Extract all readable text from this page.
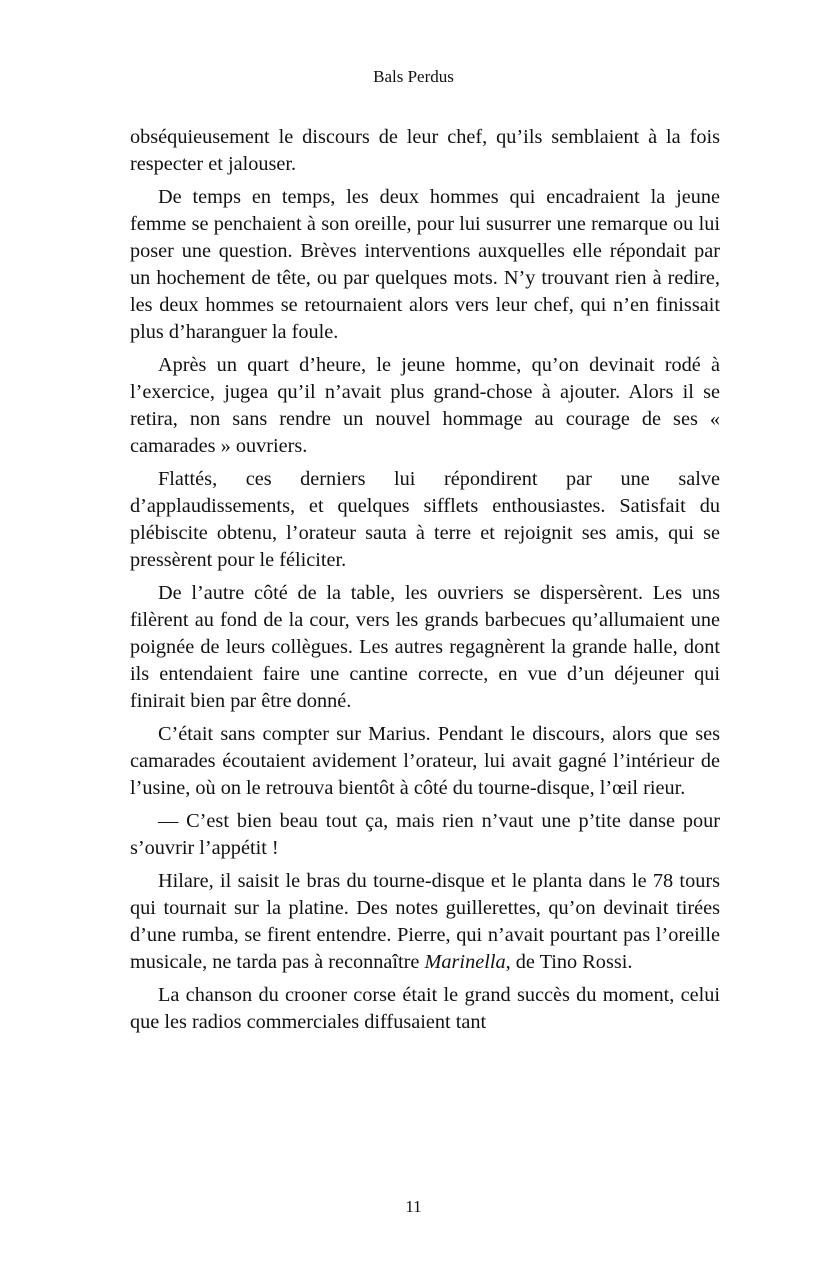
Bals Perdus

obséquieusement le discours de leur chef, qu’ils semblaient à la fois respecter et jalouser.

De temps en temps, les deux hommes qui encadraient la jeune femme se penchaient à son oreille, pour lui susurrer une remarque ou lui poser une question. Brèves interventions auxquelles elle répondait par un hochement de tête, ou par quelques mots. N’y trouvant rien à redire, les deux hommes se retournaient alors vers leur chef, qui n’en finissait plus d’haranguer la foule.

Après un quart d’heure, le jeune homme, qu’on devinait rodé à l’exercice, jugea qu’il n’avait plus grand-chose à ajouter. Alors il se retira, non sans rendre un nouvel hommage au courage de ses « camarades » ouvriers.

Flattés, ces derniers lui répondirent par une salve d’applaudissements, et quelques sifflets enthousiastes. Satisfait du plébiscite obtenu, l’orateur sauta à terre et rejoignit ses amis, qui se pressèrent pour le féliciter.

De l’autre côté de la table, les ouvriers se dispersèrent. Les uns filèrent au fond de la cour, vers les grands barbecues qu’allumaient une poignée de leurs collègues. Les autres regagnèrent la grande halle, dont ils entendaient faire une cantine correcte, en vue d’un déjeuner qui finirait bien par être donné.

C’était sans compter sur Marius. Pendant le discours, alors que ses camarades écoutaient avidement l’orateur, lui avait gagné l’intérieur de l’usine, où on le retrouva bientôt à côté du tourne-disque, l’œil rieur.

— C’est bien beau tout ça, mais rien n’vaut une p’tite danse pour s’ouvrir l’appétit !

Hilare, il saisit le bras du tourne-disque et le planta dans le 78 tours qui tournait sur la platine. Des notes guillerettes, qu’on devinait tirées d’une rumba, se firent entendre. Pierre, qui n’avait pourtant pas l’oreille musicale, ne tarda pas à reconnaître Marinella, de Tino Rossi.

La chanson du crooner corse était le grand succès du moment, celui que les radios commerciales diffusaient tant

11
